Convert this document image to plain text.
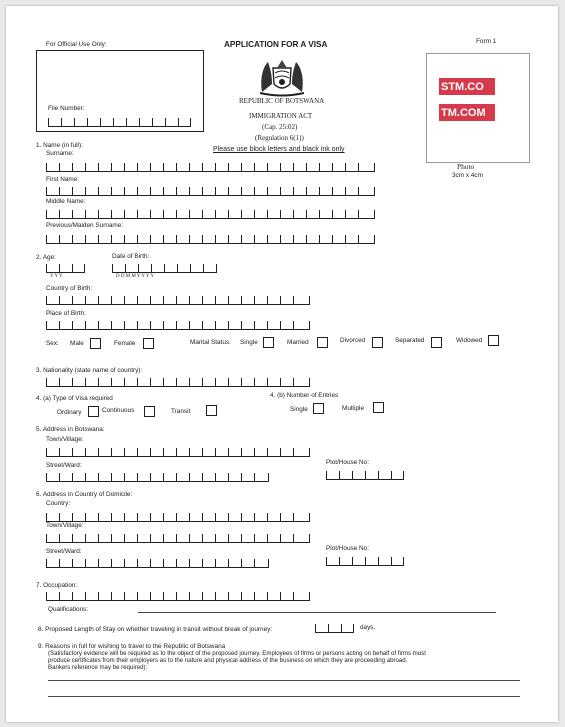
For Official Use Only:	APPLICATION FOR A VISA	Form 1
REPUBLIC OF BOTSWANA
IMMIGRATION ACT
(Cap. 25:02)
(Regulation 6(1))
Please use block letters and black ink only
File Number:
STM.CO
TM.COM
Photo
3cm x 4cm
1. Name (in full):
Surname:
First Name:
Middle Name:
Previous/Maiden Surname:
2. Age:
Y Y Y
Date of Birth:
D D M M Y Y Y Y
Country of Birth:
Place of Birth:
Sex: Male	Female	Marital Status: Single	Married	Divorced	Separated	Widowed
3. Nationality (state name of country):
4. (a) Type of Visa required
Ordinary	Continuous	Transit
4. (b) Number of Entries
Single	Multiple
5. Address in Botswana:
Town/Village:
Street/Ward:	Plot/House No:
6. Address in Country of Domicile:
Country:
Town/Village:
Street/Ward:	Plot/House No:
7. Occupation:
Qualifications:
8. Proposed Length of Stay on whether traveling in transit without break of journey:	days.
9. Reasons in full for wishing to travel to the Republic of Botswana
(Satisfactory evidence will be required as to the object of the proposed journey. Employees of firms or persons acting on behalf of firms must
produce certificates from their employers as to the nature and physical address of the business on which they are proceeding abroad.
Bankers reference may be required):
